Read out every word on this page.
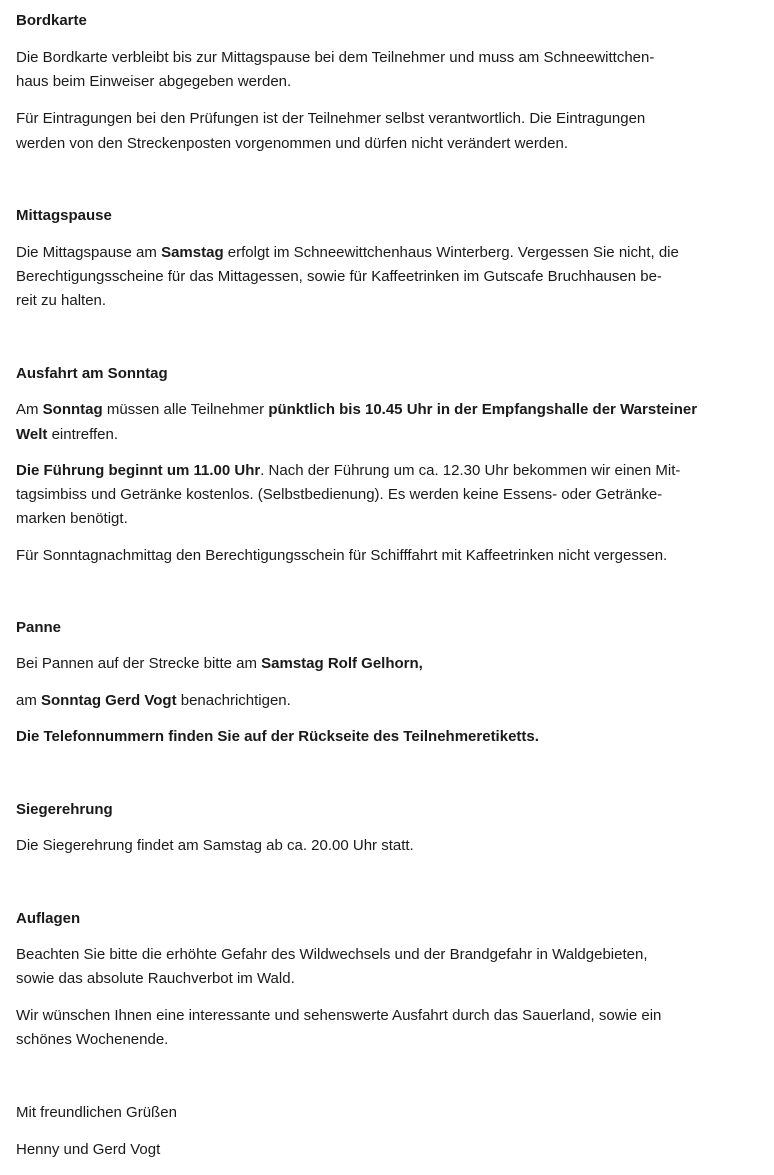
Bordkarte

Die Bordkarte verbleibt bis zur Mittagspause bei dem Teilnehmer und muss am Schneewittchen-

haus beim Einweiser abgegeben werden.

Für Eintragungen bei den Prüfungen ist der Teilnehmer selbst verantwortlich. Die Eintragungen

werden von den Streckenposten vorgenommen und dürfen nicht verändert werden.

Mittagspause

Die Mittagspause am Samstag erfolgt im Schneewittchenhaus Winterberg. Vergessen Sie nicht, die

Berechtigungsscheine für das Mittagessen, sowie für Kaffeetrinken im Gutscafe Bruchhausen be-

reit zu halten.

Ausfahrt am Sonntag

Am Sonntag müssen alle Teilnehmer pünktlich bis 10.45 Uhr in der Empfangshalle der Warsteiner

Welt eintreffen.

Die Führung beginnt um 11.00 Uhr. Nach der Führung um ca. 12.30 Uhr bekommen wir einen Mit-

tagsimbiss und Getränke kostenlos. (Selbstbedienung). Es werden keine Essens- oder Getränke-

marken benötigt.

Für Sonntagnachmittag den Berechtigungsschein für Schifffahrt mit Kaffeetrinken nicht vergessen.

Panne

Bei Pannen auf der Strecke bitte am Samstag Rolf Gelhorn,

am Sonntag Gerd Vogt benachrichtigen.

Die Telefonnummern finden Sie auf der Rückseite des Teilnehmeretiketts.

Siegerehrung

Die Siegerehrung findet am Samstag ab ca. 20.00 Uhr statt.

Auflagen

Beachten Sie bitte die erhöhte Gefahr des Wildwechsels und der Brandgefahr in Waldgebieten,

sowie das absolute Rauchverbot im Wald.

Wir wünschen Ihnen eine interessante und sehenswerte Ausfahrt durch das Sauerland, sowie ein

schönes Wochenende.

Mit freundlichen Grüßen

Henny und Gerd Vogt
